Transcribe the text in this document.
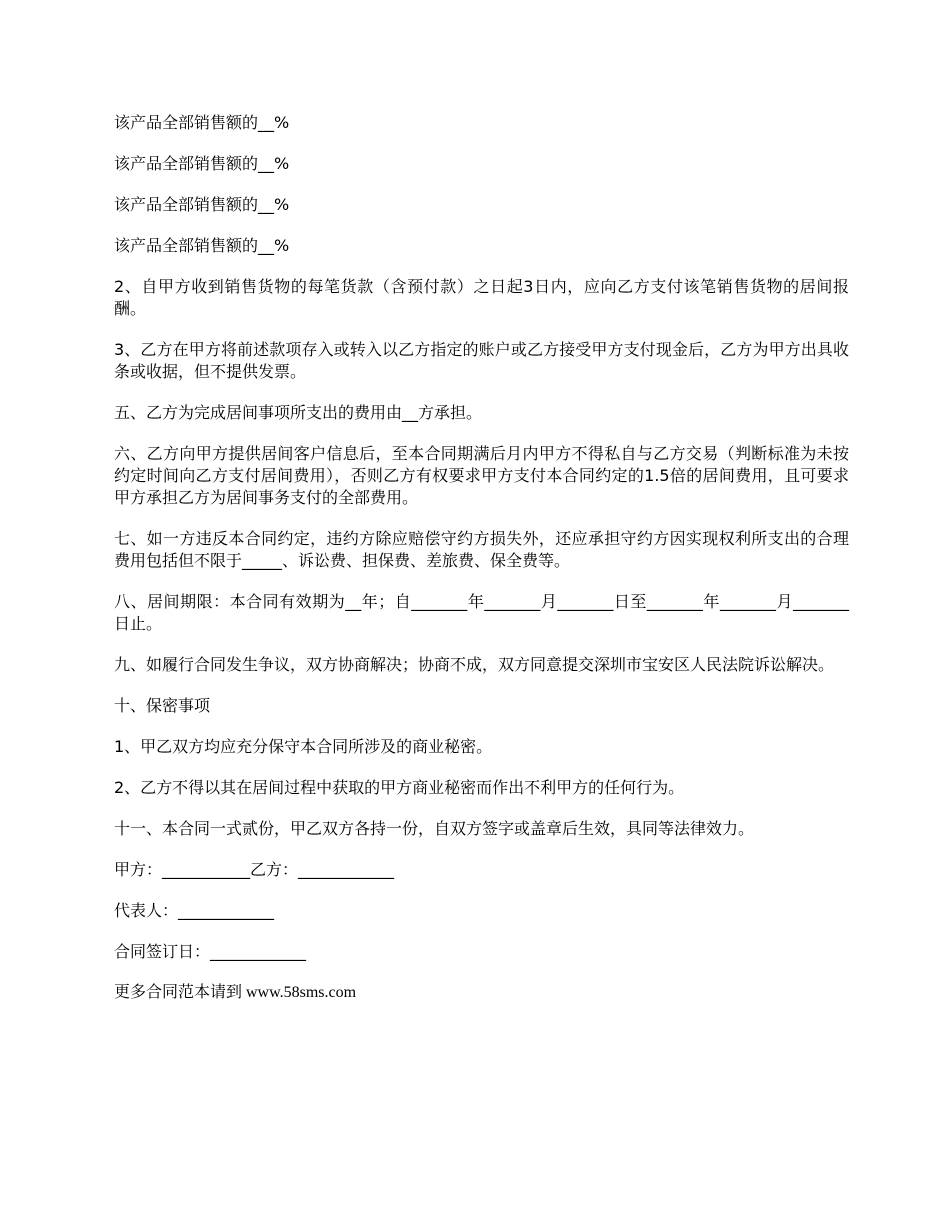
该产品全部销售额的__%

该产品全部销售额的__%

该产品全部销售额的__%

该产品全部销售额的__%

2、自甲方收到销售货物的每笔货款（含预付款）之日起3日内，应向乙方支付该笔销售货物的居间报酬。

3、乙方在甲方将前述款项存入或转入以乙方指定的账户或乙方接受甲方支付现金后，乙方为甲方出具收条或收据，但不提供发票。

五、乙方为完成居间事项所支出的费用由__方承担。

六、乙方向甲方提供居间客户信息后，至本合同期满后月内甲方不得私自与乙方交易（判断标准为未按约定时间向乙方支付居间费用），否则乙方有权要求甲方支付本合同约定的1.5倍的居间费用，且可要求甲方承担乙方为居间事务支付的全部费用。

七、如一方违反本合同约定，违约方除应赔偿守约方损失外，还应承担守约方因实现权利所支出的合理费用包括但不限于_____、诉讼费、担保费、差旅费、保全费等。

八、居间期限：本合同有效期为__年；自_______年_______月_______日至_______年_______月_______日止。

九、如履行合同发生争议，双方协商解决；协商不成，双方同意提交深圳市宝安区人民法院诉讼解决。

十、保密事项

1、甲乙双方均应充分保守本合同所涉及的商业秘密。

2、乙方不得以其在居间过程中获取的甲方商业秘密而作出不利甲方的任何行为。

十一、本合同一式贰份，甲乙双方各持一份，自双方签字或盖章后生效，具同等法律效力。

甲方：___________乙方：____________

代表人：____________

合同签订日：____________

更多合同范本请到 www.58sms.com
